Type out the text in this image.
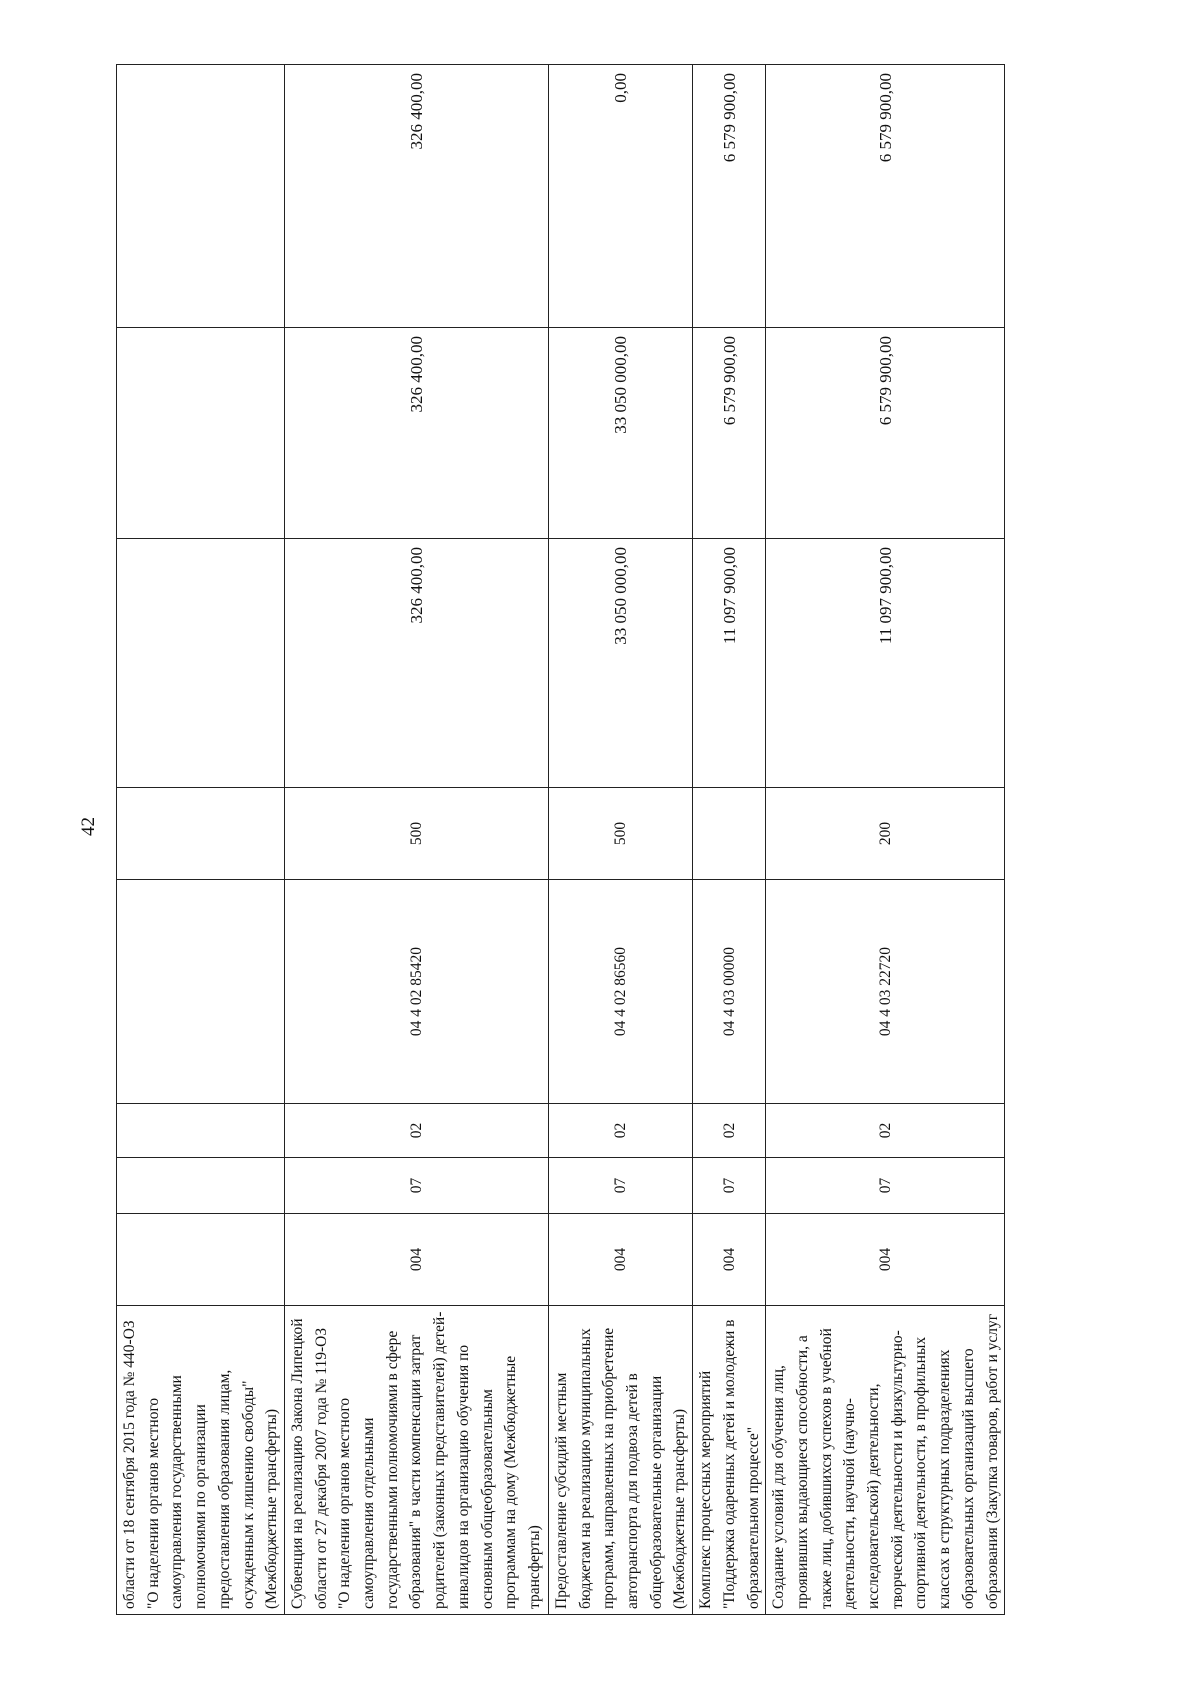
42
области от 18 сентября 2015 года № 440-ОЗ "О наделении органов местного самоуправления государственными полномочиями по организации предоставления образования лицам, осужденным к лишению свободы" (Межбюджетные трансферты)								
Субвенция на реализацию Закона Липецкой области от 27 декабря 2007 года № 119-ОЗ "О наделении органов местного самоуправления отдельными государственными полномочиями в сфере образования" в части компенсации затрат родителей (законных представителей) детей-инвалидов на организацию обучения по основным общеобразовательным программам на дому (Межбюджетные трансферты)	004	07	02	04 4 02 85420	500	326 400,00	326 400,00	326 400,00
Предоставление субсидий местным бюджетам на реализацию муниципальных программ, направленных на приобретение автотранспорта для подвоза детей в общеобразовательные организации (Межбюджетные трансферты)	004	07	02	04 4 02 86560	500	33 050 000,00	33 050 000,00	0,00
Комплекс процессных мероприятий "Поддержка одаренных детей и молодежи в образовательном процессе"	004	07	02	04 4 03 00000		11 097 900,00	6 579 900,00	6 579 900,00
Создание условий для обучения лиц, проявивших выдающиеся способности, а также лиц, добившихся успехов в учебной деятельности, научной (научно-исследовательской) деятельности, творческой деятельности и физкультурно-спортивной деятельности, в профильных классах в структурных подразделениях образовательных организаций высшего образования (Закупка товаров, работ и услуг	004	07	02	04 4 03 22720	200	11 097 900,00	6 579 900,00	6 579 900,00
